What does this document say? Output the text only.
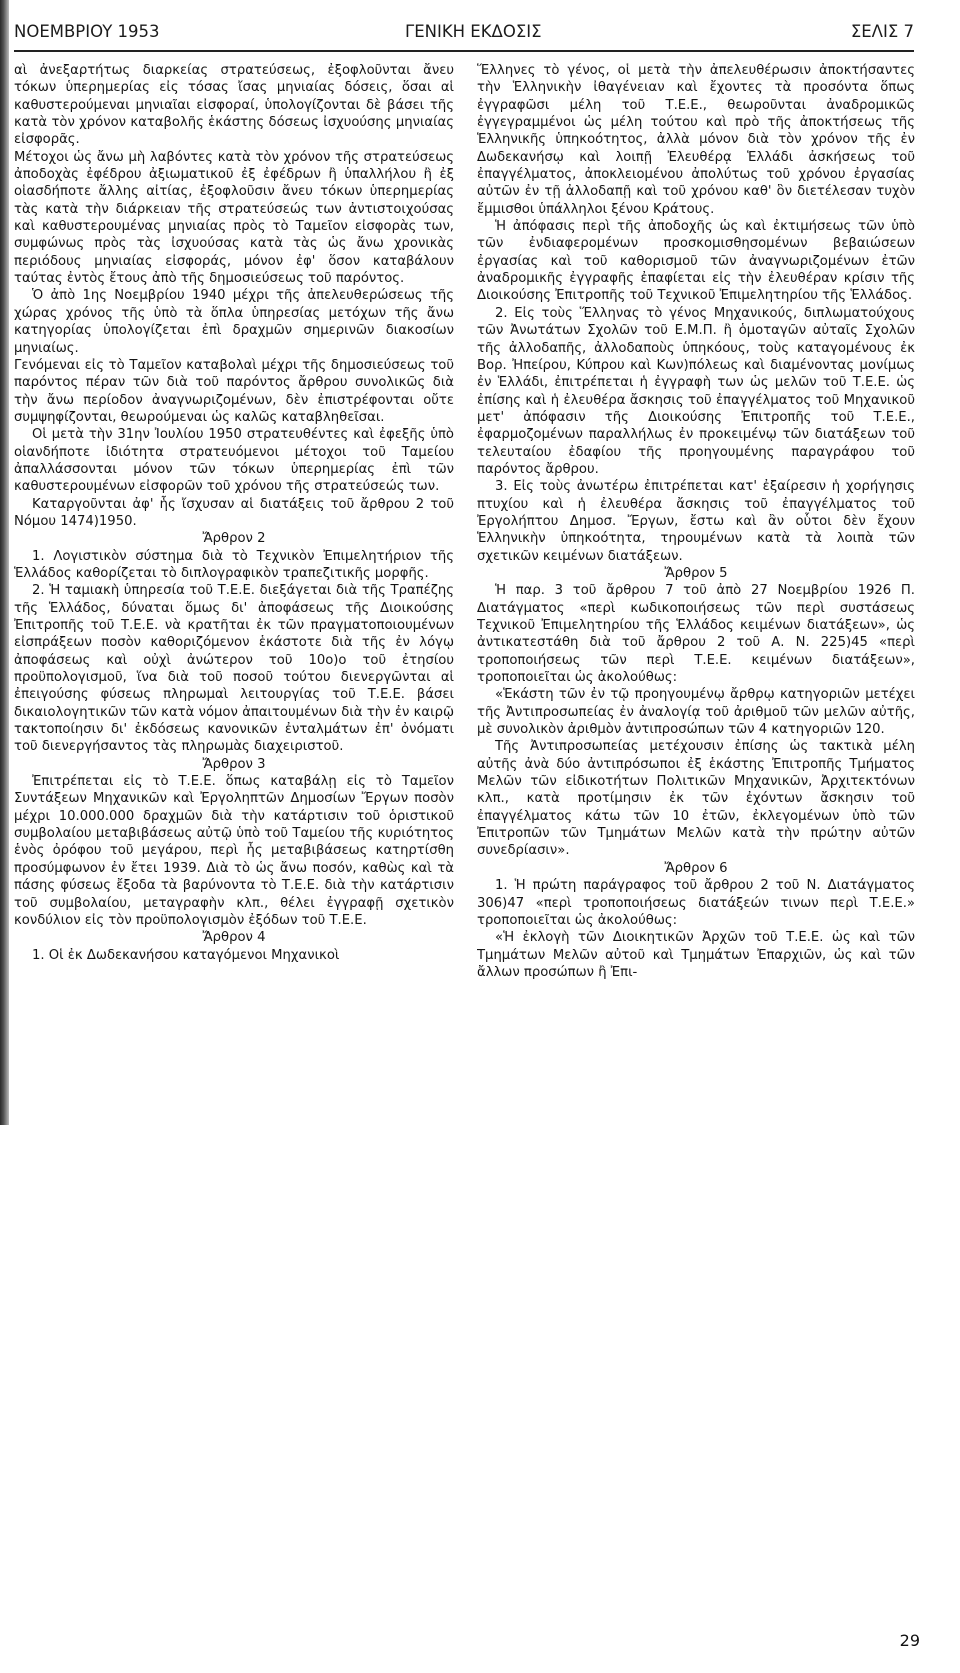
NOEMBPIOY 1953	ΓΕΝΙΚΗ ΕΚΔΟΣΙΣ	ΣΕΛΙΣ 7

αὶ ἀνεξαρτήτως διαρκείας στρατεύσεως, ἐξοφλοῦνται ἄνευ τόκων ὑπερημερίας εἰς τόσας ἴσας μηνιαίας δόσεις, ὅσαι αἱ καθυστερούμεναι μηνιαῖαι εἰσφοραί, ὑπολογίζονται δὲ βάσει τῆς κατὰ τὸν χρόνον καταβολῆς ἑκάστης δόσεως ἰσχυούσης μηνιαίας εἰσφορᾶς.

Μέτοχοι ὡς ἄνω μὴ λαβόντες κατὰ τὸν χρόνον τῆς στρατεύσεως ἀποδοχὰς ἐφέδρου ἀξιωματικοῦ ἐξ ἐφέδρων ἢ ὑπαλλήλου ἢ ἐξ οἱασδήποτε ἄλλης αἰτίας, ἐξοφλοῦσιν ἄνευ τόκων ὑπερημερίας τὰς κατὰ τὴν διάρκειαν τῆς στρατεύσεώς των ἀντιστοιχούσας καὶ καθυστερουμένας μηνιαίας πρὸς τὸ Ταμεῖον εἰσφορὰς των, συμφώνως πρὸς τὰς ἰσχυούσας κατὰ τὰς ὡς ἄνω χρονικὰς περιόδους μηνιαίας εἰσφοράς, μόνον ἐφ' ὅσον καταβάλουν ταύτας ἐντὸς ἔτους ἀπὸ τῆς δημοσιεύσεως τοῦ παρόντος.

Ὁ ἀπὸ 1ης Νοεμβρίου 1940 μέχρι τῆς ἀπελευθερώσεως τῆς χώρας χρόνος τῆς ὑπὸ τὰ ὅπλα ὑπηρεσίας μετόχων τῆς ἄνω κατηγορίας ὑπολογίζεται ἐπὶ δραχμῶν σημερινῶν διακοσίων μηνιαίως.

Γενόμεναι εἰς τὸ Ταμεῖον καταβολαὶ μέχρι τῆς δημοσιεύσεως τοῦ παρόντος πέραν τῶν διὰ τοῦ παρόντος ἄρθρου συνολικῶς διὰ τὴν ἄνω περίοδον ἀναγνωριζομένων, δὲν ἐπιστρέφονται οὔτε συμψηφίζονται, θεωρούμεναι ὡς καλῶς καταβληθεῖσαι.

Οἱ μετὰ τὴν 31ην Ἰουλίου 1950 στρατευθέντες καὶ ἐφεξῆς ὑπὸ οἱανδήποτε ἰδιότητα στρατευόμενοι μέτοχοι τοῦ Ταμείου ἀπαλλάσσονται μόνον τῶν τόκων ὑπερημερίας ἐπὶ τῶν καθυστερουμένων εἰσφορῶν τοῦ χρόνου τῆς στρατεύσεώς των.

Καταργοῦνται ἀφ' ἧς ἴσχυσαν αἱ διατάξεις τοῦ ἄρθρου 2 τοῦ Νόμου 1474)1950.

Ἄρθρον 2

1. Λογιστικὸν σύστημα διὰ τὸ Τεχνικὸν Ἐπιμελητήριον τῆς Ἑλλάδος καθορίζεται τὸ διπλογραφικὸν τραπεζιτικῆς μορφῆς.

2. Ἡ ταμιακὴ ὑπηρεσία τοῦ Τ.Ε.Ε. διεξάγεται διὰ τῆς Τραπέζης τῆς Ἑλλάδος, δύναται ὅμως δι' ἀποφάσεως τῆς Διοικούσης Ἐπιτροπῆς τοῦ Τ.Ε.Ε. νὰ κρατῆται ἐκ τῶν πραγματοποιουμένων εἰσπράξεων ποσὸν καθοριζόμενον ἑκάστοτε διὰ τῆς ἐν λόγῳ ἀποφάσεως καὶ οὐχὶ ἀνώτερον τοῦ 10ο)ο τοῦ ἐτησίου προϋπολογισμοῦ, ἵνα διὰ τοῦ ποσοῦ τούτου διενεργῶνται αἱ ἐπειγούσης φύσεως πληρωμαὶ λειτουργίας τοῦ Τ.Ε.Ε. βάσει δικαιολογητικῶν τῶν κατὰ νόμον ἀπαιτουμένων διὰ τὴν ἐν καιρῷ τακτοποίησιν δι' ἐκδόσεως κανονικῶν ἐνταλμάτων ἐπ' ὀνόματι τοῦ διενεργήσαντος τὰς πληρωμὰς διαχειριστοῦ.

Ἄρθρον 3

Ἐπιτρέπεται εἰς τὸ Τ.Ε.Ε. ὅπως καταβάλῃ εἰς τὸ Ταμεῖον Συντάξεων Μηχανικῶν καὶ Ἐργοληπτῶν Δημοσίων Ἔργων ποσὸν μέχρι 10.000.000 δραχμῶν διὰ τὴν κατάρτισιν τοῦ ὁριστικοῦ συμβολαίου μεταβιβάσεως αὐτῷ ὑπὸ τοῦ Ταμείου τῆς κυριότητος ἑνὸς ὀρόφου τοῦ μεγάρου, περὶ ἧς μεταβιβάσεως κατηρτίσθη προσύμφωνον ἐν ἔτει 1939. Διὰ τὸ ὡς ἄνω ποσόν, καθὼς καὶ τὰ πάσης φύσεως ἔξοδα τὰ βαρύνοντα τὸ Τ.Ε.Ε. διὰ τὴν κατάρτισιν τοῦ συμβολαίου, μεταγραφὴν κλπ., θέλει ἐγγραφῇ σχετικὸν κονδύλιον εἰς τὸν προϋπολογισμὸν ἐξόδων τοῦ Τ.Ε.Ε.

Ἄρθρον 4

1. Οἱ ἐκ Δωδεκανήσου καταγόμενοι Μηχανικοὶ

Ἕλληνες τὸ γένος, οἱ μετὰ τὴν ἀπελευθέρωσιν ἀποκτήσαντες τὴν Ἑλληνικὴν ἰθαγένειαν καὶ ἔχοντες τὰ προσόντα ὅπως ἐγγραφῶσι μέλη τοῦ Τ.Ε.Ε., θεωροῦνται ἀναδρομικῶς ἐγγεγραμμένοι ὡς μέλη τούτου καὶ πρὸ τῆς ἀποκτήσεως τῆς Ἑλληνικῆς ὑπηκοότητος, ἀλλὰ μόνον διὰ τὸν χρόνον τῆς ἐν Δωδεκανήσῳ καὶ λοιπῇ Ἐλευθέρᾳ Ἑλλάδι ἀσκήσεως τοῦ ἐπαγγέλματος, ἀποκλειομένου ἀπολύτως τοῦ χρόνου ἐργασίας αὐτῶν ἐν τῇ ἀλλοδαπῇ καὶ τοῦ χρόνου καθ' ὃν διετέλεσαν τυχὸν ἔμμισθοι ὑπάλληλοι ξένου Κράτους.

Ἡ ἀπόφασις περὶ τῆς ἀποδοχῆς ὡς καὶ ἐκτιμήσεως τῶν ὑπὸ τῶν ἐνδιαφερομένων προσκομισθησομένων βεβαιώσεων ἐργασίας καὶ τοῦ καθορισμοῦ τῶν ἀναγνωριζομένων ἐτῶν ἀναδρομικῆς ἐγγραφῆς ἐπαφίεται εἰς τὴν ἐλευθέραν κρίσιν τῆς Διοικούσης Ἐπιτροπῆς τοῦ Τεχνικοῦ Ἐπιμελητηρίου τῆς Ἑλλάδος.

2. Εἰς τοὺς Ἕλληνας τὸ γένος Μηχανικούς, διπλωματούχους τῶν Ἀνωτάτων Σχολῶν τοῦ Ε.Μ.Π. ἢ ὁμοταγῶν αὐταῖς Σχολῶν τῆς ἀλλοδαπῆς, ἀλλοδαποὺς ὑπηκόους, τοὺς καταγομένους ἐκ Βορ. Ἠπείρου, Κύπρου καὶ Κων)πόλεως καὶ διαμένοντας μονίμως ἐν Ἑλλάδι, ἐπιτρέπεται ἡ ἐγγραφὴ των ὡς μελῶν τοῦ Τ.Ε.Ε. ὡς ἐπίσης καὶ ἡ ἐλευθέρα ἄσκησις τοῦ ἐπαγγέλματος τοῦ Μηχανικοῦ μετ' ἀπόφασιν τῆς Διοικούσης Ἐπιτροπῆς τοῦ Τ.Ε.Ε., ἐφαρμοζομένων παραλλήλως ἐν προκειμένῳ τῶν διατάξεων τοῦ τελευταίου ἐδαφίου τῆς προηγουμένης παραγράφου τοῦ παρόντος ἄρθρου.

3. Εἰς τοὺς ἀνωτέρω ἐπιτρέπεται κατ' ἐξαίρεσιν ἡ χορήγησις πτυχίου καὶ ἡ ἐλευθέρα ἄσκησις τοῦ ἐπαγγέλματος τοῦ Ἐργολήπτου Δημοσ. Ἔργων, ἔστω καὶ ἂν οὗτοι δὲν ἔχουν Ἑλληνικὴν ὑπηκοότητα, τηρουμένων κατὰ τὰ λοιπὰ τῶν σχετικῶν κειμένων διατάξεων.

Ἄρθρον 5

Ἡ παρ. 3 τοῦ ἄρθρου 7 τοῦ ἀπὸ 27 Νοεμβρίου 1926 Π. Διατάγματος «περὶ κωδικοποιήσεως τῶν περὶ συστάσεως Τεχνικοῦ Ἐπιμελητηρίου τῆς Ἑλλάδος κειμένων διατάξεων», ὡς ἀντικατεστάθη διὰ τοῦ ἄρθρου 2 τοῦ Α. Ν. 225)45 «περὶ τροποποιήσεως τῶν περὶ Τ.Ε.Ε. κειμένων διατάξεων», τροποποιεῖται ὡς ἀκολούθως:

«Ἑκάστη τῶν ἐν τῷ προηγουμένῳ ἄρθρῳ κατηγοριῶν μετέχει τῆς Ἀντιπροσωπείας ἐν ἀναλογίᾳ τοῦ ἀριθμοῦ τῶν μελῶν αὐτῆς, μὲ συνολικὸν ἀριθμὸν ἀντιπροσώπων τῶν 4 κατηγοριῶν 120.

Τῆς Ἀντιπροσωπείας μετέχουσιν ἐπίσης ὡς τακτικὰ μέλη αὐτῆς ἀνὰ δύο ἀντιπρόσωποι ἐξ ἑκάστης Ἐπιτροπῆς Τμήματος Μελῶν τῶν εἰδικοτήτων Πολιτικῶν Μηχανικῶν, Ἀρχιτεκτόνων κλπ., κατὰ προτίμησιν ἐκ τῶν ἐχόντων ἄσκησιν τοῦ ἐπαγγέλματος κάτω τῶν 10 ἐτῶν, ἐκλεγομένων ὑπὸ τῶν Ἐπιτροπῶν τῶν Τμημάτων Μελῶν κατὰ τὴν πρώτην αὐτῶν συνεδρίασιν».

Ἄρθρον 6

1. Ἡ πρώτη παράγραφος τοῦ ἄρθρου 2 τοῦ Ν. Διατάγματος 306)47 «περὶ τροποποιήσεως διατάξεών τινων περὶ Τ.Ε.Ε.» τροποποιεῖται ὡς ἀκολούθως:

«Ἡ ἐκλογὴ τῶν Διοικητικῶν Ἀρχῶν τοῦ Τ.Ε.Ε. ὡς καὶ τῶν Τμημάτων Μελῶν αὐτοῦ καὶ Τμημάτων Ἐπαρχιῶν, ὡς καὶ τῶν ἄλλων προσώπων ἢ Ἐπι-

29
